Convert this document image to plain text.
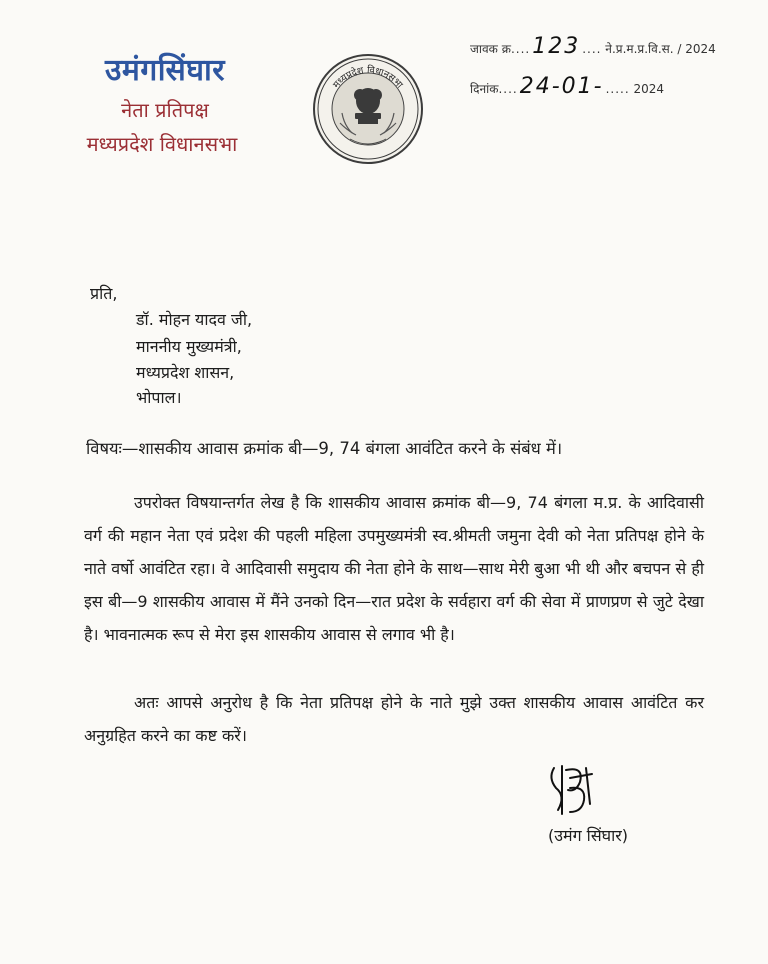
उमंगसिंघार
नेता प्रतिपक्ष
मध्यप्रदेश विधानसभा
मध्यप्रदेश विधानसभा
जावक क्र....123 .... ने.प्र.म.प्र.वि.स. / 2024
दिनांक....24-01- ..... 2024
प्रति,
डॉ. मोहन यादव जी,
माननीय मुख्यमंत्री,
मध्यप्रदेश शासन,
भोपाल।
विषयः—शासकीय आवास क्रमांक बी—9, 74 बंगला आवंटित करने के संबंध में।
उपरोक्त विषयान्तर्गत लेख है कि शासकीय आवास क्रमांक बी—9, 74 बंगला म.प्र. के आदिवासी वर्ग की महान नेता एवं प्रदेश की पहली महिला उपमुख्यमंत्री स्व.श्रीमती जमुना देवी को नेता प्रतिपक्ष होने के नाते वर्षो आवंटित रहा। वे आदिवासी समुदाय की नेता होने के साथ—साथ मेरी बुआ भी थी और बचपन से ही इस बी—9 शासकीय आवास में मैंने उनको दिन—रात प्रदेश के सर्वहारा वर्ग की सेवा में प्राणप्रण से जुटे देखा है। भावनात्मक रूप से मेरा इस शासकीय आवास से लगाव भी है।
अतः आपसे अनुरोध है कि नेता प्रतिपक्ष होने के नाते मुझे उक्त शासकीय आवास आवंटित कर अनुग्रहित करने का कष्ट करें।
(उमंग सिंघार)
